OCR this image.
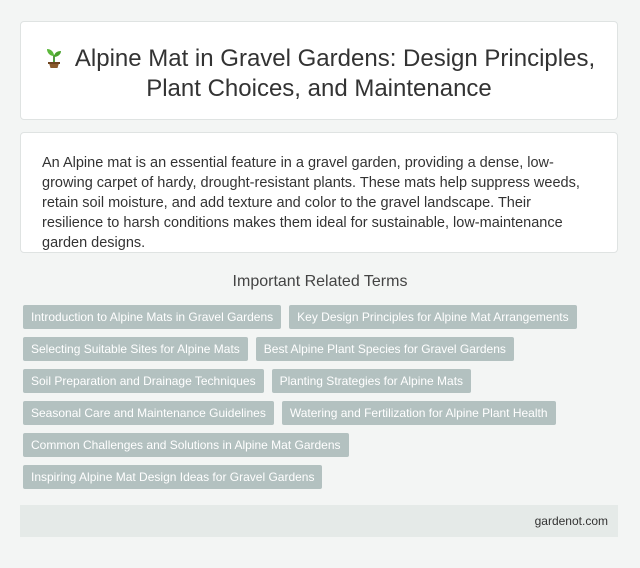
Alpine Mat in Gravel Gardens: Design Principles, Plant Choices, and Maintenance

An Alpine mat is an essential feature in a gravel garden, providing a dense, low-growing carpet of hardy, drought-resistant plants. These mats help suppress weeds, retain soil moisture, and add texture and color to the gravel landscape. Their resilience to harsh conditions makes them ideal for sustainable, low-maintenance garden designs.

Important Related Terms
Introduction to Alpine Mats in Gravel Gardens	Key Design Principles for Alpine Mat Arrangements
Selecting Suitable Sites for Alpine Mats	Best Alpine Plant Species for Gravel Gardens
Soil Preparation and Drainage Techniques	Planting Strategies for Alpine Mats
Seasonal Care and Maintenance Guidelines	Watering and Fertilization for Alpine Plant Health
Common Challenges and Solutions in Alpine Mat Gardens
Inspiring Alpine Mat Design Ideas for Gravel Gardens
gardenot.com
